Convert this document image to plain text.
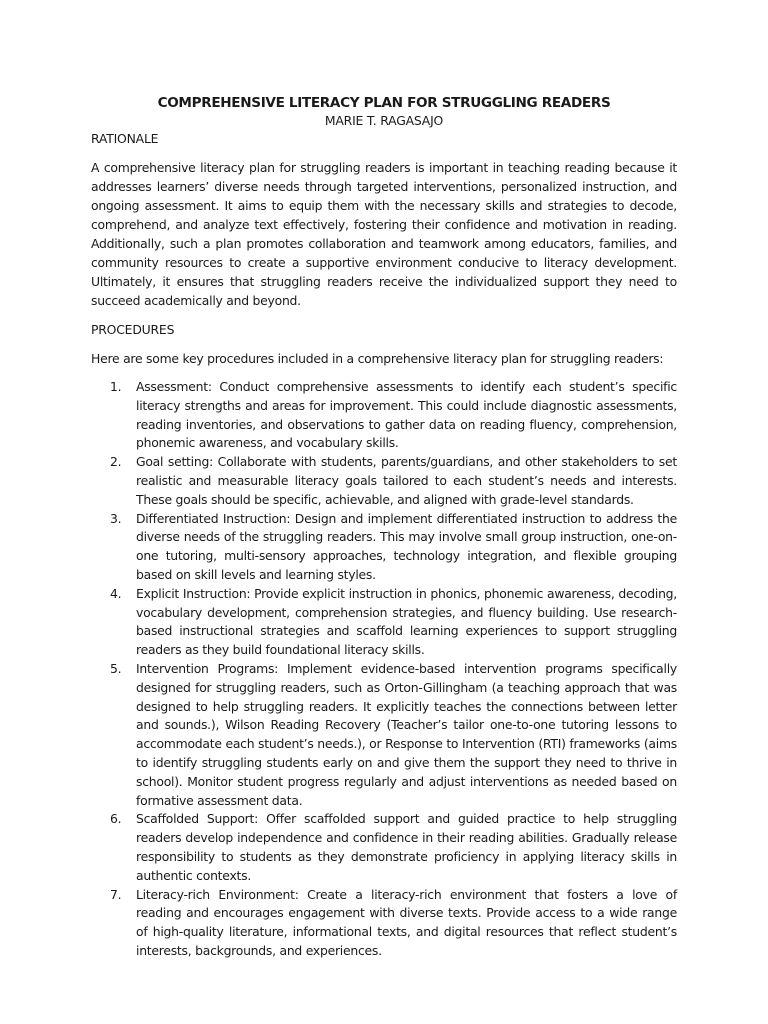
COMPREHENSIVE LITERACY PLAN FOR STRUGGLING READERS

MARIE T. RAGASAJO

RATIONALE

A comprehensive literacy plan for struggling readers is important in teaching reading because it addresses learners’ diverse needs through targeted interventions, personalized instruction, and ongoing assessment. It aims to equip them with the necessary skills and strategies to decode, comprehend, and analyze text effectively, fostering their confidence and motivation in reading. Additionally, such a plan promotes collaboration and teamwork among educators, families, and community resources to create a supportive environment conducive to literacy development. Ultimately, it ensures that struggling readers receive the individualized support they need to succeed academically and beyond.

PROCEDURES

Here are some key procedures included in a comprehensive literacy plan for struggling readers:

1. Assessment: Conduct comprehensive assessments to identify each student’s specific literacy strengths and areas for improvement. This could include diagnostic assessments, reading inventories, and observations to gather data on reading fluency, comprehension, phonemic awareness, and vocabulary skills.
2. Goal setting: Collaborate with students, parents/guardians, and other stakeholders to set realistic and measurable literacy goals tailored to each student’s needs and interests. These goals should be specific, achievable, and aligned with grade-level standards.
3. Differentiated Instruction: Design and implement differentiated instruction to address the diverse needs of the struggling readers. This may involve small group instruction, one-on-one tutoring, multi-sensory approaches, technology integration, and flexible grouping based on skill levels and learning styles.
4. Explicit Instruction: Provide explicit instruction in phonics, phonemic awareness, decoding, vocabulary development, comprehension strategies, and fluency building. Use research-based instructional strategies and scaffold learning experiences to support struggling readers as they build foundational literacy skills.
5. Intervention Programs: Implement evidence-based intervention programs specifically designed for struggling readers, such as Orton-Gillingham (a teaching approach that was designed to help struggling readers. It explicitly teaches the connections between letter and sounds.), Wilson Reading Recovery (Teacher’s tailor one-to-one tutoring lessons to accommodate each student’s needs.), or Response to Intervention (RTI) frameworks (aims to identify struggling students early on and give them the support they need to thrive in school). Monitor student progress regularly and adjust interventions as needed based on formative assessment data.
6. Scaffolded Support: Offer scaffolded support and guided practice to help struggling readers develop independence and confidence in their reading abilities. Gradually release responsibility to students as they demonstrate proficiency in applying literacy skills in authentic contexts.
7. Literacy-rich Environment: Create a literacy-rich environment that fosters a love of reading and encourages engagement with diverse texts. Provide access to a wide range of high-quality literature, informational texts, and digital resources that reflect student’s interests, backgrounds, and experiences.
